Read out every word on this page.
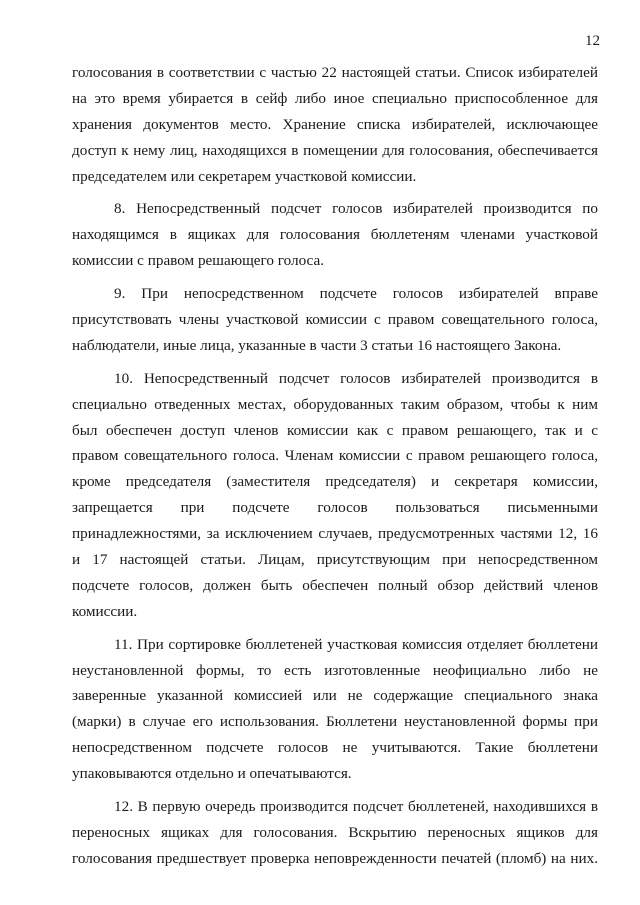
12
голосования в соответствии с частью 22 настоящей статьи. Список избирателей
на это время убирается в сейф либо иное специально приспособленное для
хранения документов место. Хранение списка избирателей, исключающее
доступ к нему лиц, находящихся в помещении для голосования, обеспечивается
председателем или секретарем участковой комиссии.
8. Непосредственный подсчет голосов избирателей производится по
находящимся в ящиках для голосования бюллетеням членами участковой
комиссии с правом решающего голоса.
9. При непосредственном подсчете голосов избирателей вправе
присутствовать члены участковой комиссии с правом совещательного голоса,
наблюдатели, иные лица, указанные в части 3 статьи 16 настоящего Закона.
10. Непосредственный подсчет голосов избирателей производится в
специально отведенных местах, оборудованных таким образом, чтобы к ним
был обеспечен доступ членов комиссии как с правом решающего, так и с
правом совещательного голоса. Членам комиссии с правом решающего голоса,
кроме председателя (заместителя председателя) и секретаря комиссии,
запрещается при подсчете голосов пользоваться письменными
принадлежностями, за исключением случаев, предусмотренных частями 12, 16
и 17 настоящей статьи. Лицам, присутствующим при непосредственном
подсчете голосов, должен быть обеспечен полный обзор действий членов
комиссии.
11. При сортировке бюллетеней участковая комиссия отделяет бюллетени
неустановленной формы, то есть изготовленные неофициально либо не
заверенные указанной комиссией или не содержащие специального знака
(марки) в случае его использования. Бюллетени неустановленной формы при
непосредственном подсчете голосов не учитываются. Такие бюллетени
упаковываются отдельно и опечатываются.
12. В первую очередь производится подсчет бюллетеней, находившихся в
переносных ящиках для голосования. Вскрытию переносных ящиков для
голосования предшествует проверка неповрежденности печатей (пломб) на них.
